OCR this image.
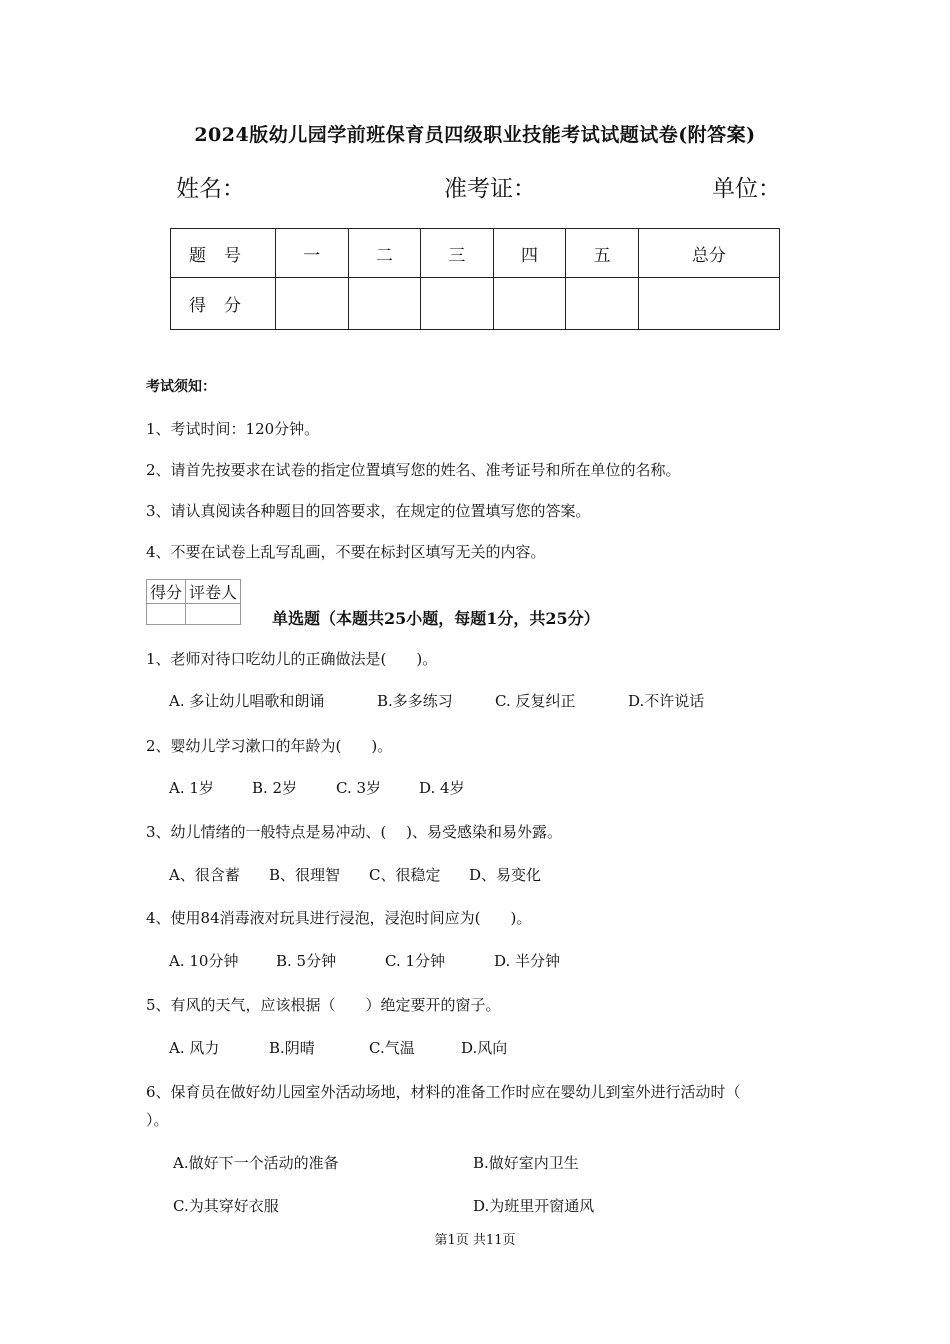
2024版幼儿园学前班保育员四级职业技能考试试题试卷(附答案)
姓名：	准考证：	单位：
题号	一	二	三	四	五	总分
得分						
考试须知：
1、考试时间：120分钟。
2、请首先按要求在试卷的指定位置填写您的姓名、准考证号和所在单位的名称。
3、请认真阅读各种题目的回答要求，在规定的位置填写您的答案。
4、不要在试卷上乱写乱画，不要在标封区填写无关的内容。
得分	评卷人

单选题（本题共25小题，每题1分，共25分）
1、老师对待口吃幼儿的正确做法是(　　)。
A. 多让幼儿唱歌和朗诵	B.多多练习	C. 反复纠正	D.不许说话
2、婴幼儿学习漱口的年龄为(　　)。
A. 1岁	B. 2岁	C. 3岁	D. 4岁
3、幼儿情绪的一般特点是易冲动、(　 )、易受感染和易外露。
A、很含蓄 B、很理智 C、很稳定 D、易变化
4、使用84消毒液对玩具进行浸泡，浸泡时间应为(　　)。
A. 10分钟	B. 5分钟	C. 1分钟	D. 半分钟
5、有风的天气，应该根据（　　）绝定要开的窗子。
A. 风力	B.阴晴	C.气温	D.风向
6、保育员在做好幼儿园室外活动场地，材料的准备工作时应在婴幼儿到室外进行活动时（
）。
A.做好下一个活动的准备	B.做好室内卫生
C.为其穿好衣服	D.为班里开窗通风
第1页 共11页
